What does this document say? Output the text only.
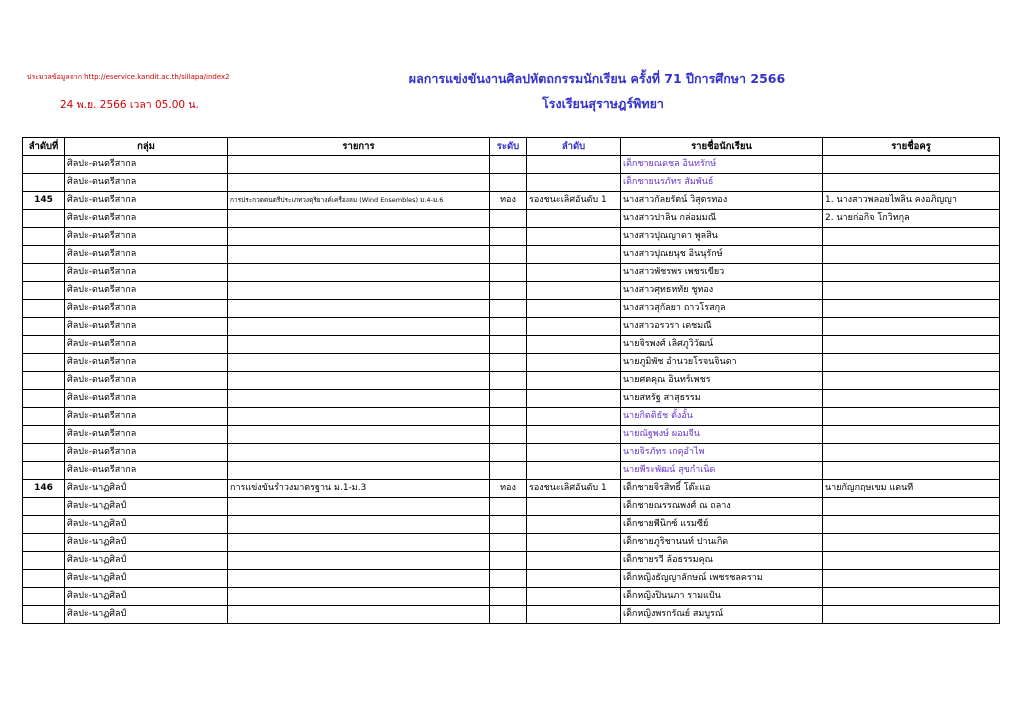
ประมวลข้อมูลจาก http://eservice.kandit.ac.th/sillapa/index2
24 พ.ย. 2566 เวลา 05.00 น.
ผลการแข่งขันงานศิลปหัตถกรรมนักเรียน ครั้งที่ 71 ปีการศึกษา 2566
โรงเรียนสุราษฎร์พิทยา
ลำดับที่	กลุ่ม	รายการ	ระดับ	ลำดับ	รายชื่อนักเรียน	รายชื่อครู
	ศิลปะ-ดนตรีสากล				เด็กชายณดชล อินทรักษ์	
	ศิลปะ-ดนตรีสากล				เด็กชายนรภัทร สัมพันธ์	
145	ศิลปะ-ดนตรีสากล	การประกวดดนตรีประเภทวงดุริยางค์เครื่องลม (Wind Ensembles) ม.4-ม.6	ทอง	รองชนะเลิศอันดับ 1	นางสาวกัลยรัตน์ วิสุตรทอง	1. นางสาวพลอยไพลิน คงอภิญญา
	ศิลปะ-ดนตรีสากล				นางสาวปาลิน กล่อมมณี	2. นายก่อกิจ โกวิทกุล
	ศิลปะ-ดนตรีสากล				นางสาวปุณญาดา พูลสิน	
	ศิลปะ-ดนตรีสากล				นางสาวปุณยนุช อินนุรักษ์	
	ศิลปะ-ดนตรีสากล				นางสาวพัชรพร เพชรเขียว	
	ศิลปะ-ดนตรีสากล				นางสาวศุทธหทัย ชูทอง	
	ศิลปะ-ดนตรีสากล				นางสาวสุกัลยา ถาวโรสกุล	
	ศิลปะ-ดนตรีสากล				นางสาวอรวรา เดชมณี	
	ศิลปะ-ดนตรีสากล				นายจิรพงศ์ เลิศภูวิวัฒน์	
	ศิลปะ-ดนตรีสากล				นายภูมิพัช อำนวยโรจนจินดา	
	ศิลปะ-ดนตรีสากล				นายศตคุณ อินทร์เพชร	
	ศิลปะ-ดนตรีสากล				นายสหรัฐ สาสุธรรม	
	ศิลปะ-ดนตรีสากล				นายกิตติธัช ตั้งอั้น	
	ศิลปะ-ดนตรีสากล				นายณัฐพงษ์ ผอมจีน	
	ศิลปะ-ดนตรีสากล				นายจิรภัทร เกตุอำไพ	
	ศิลปะ-ดนตรีสากล				นายพีระพัฒน์ สุขกำเนิด	
146	ศิลปะ-นาฏศิลป์	การแข่งขันรำวงมาตรฐาน ม.1-ม.3	ทอง	รองชนะเลิศอันดับ 1	เด็กชายจิรสิทธิ์ โต๊ะแอ	นายกัญกฤษเขม แดนที
	ศิลปะ-นาฏศิลป์				เด็กชายณรรณพงศ์ ณ ถลาง	
	ศิลปะ-นาฏศิลป์				เด็กชายพีนิกซ์ แรมซีย์	
	ศิลปะ-นาฏศิลป์				เด็กชายภูริชานนท์ ปานเกิด	
	ศิลปะ-นาฏศิลป์				เด็กชายรวี ล้อธรรมคุณ	
	ศิลปะ-นาฏศิลป์				เด็กหญิงธัญญาลักษณ์ เพชรชลคราม	
	ศิลปะ-นาฏศิลป์				เด็กหญิงปินนภา รามแป้น	
	ศิลปะ-นาฏศิลป์				เด็กหญิงพรกรัณย์ สมบูรณ์	
